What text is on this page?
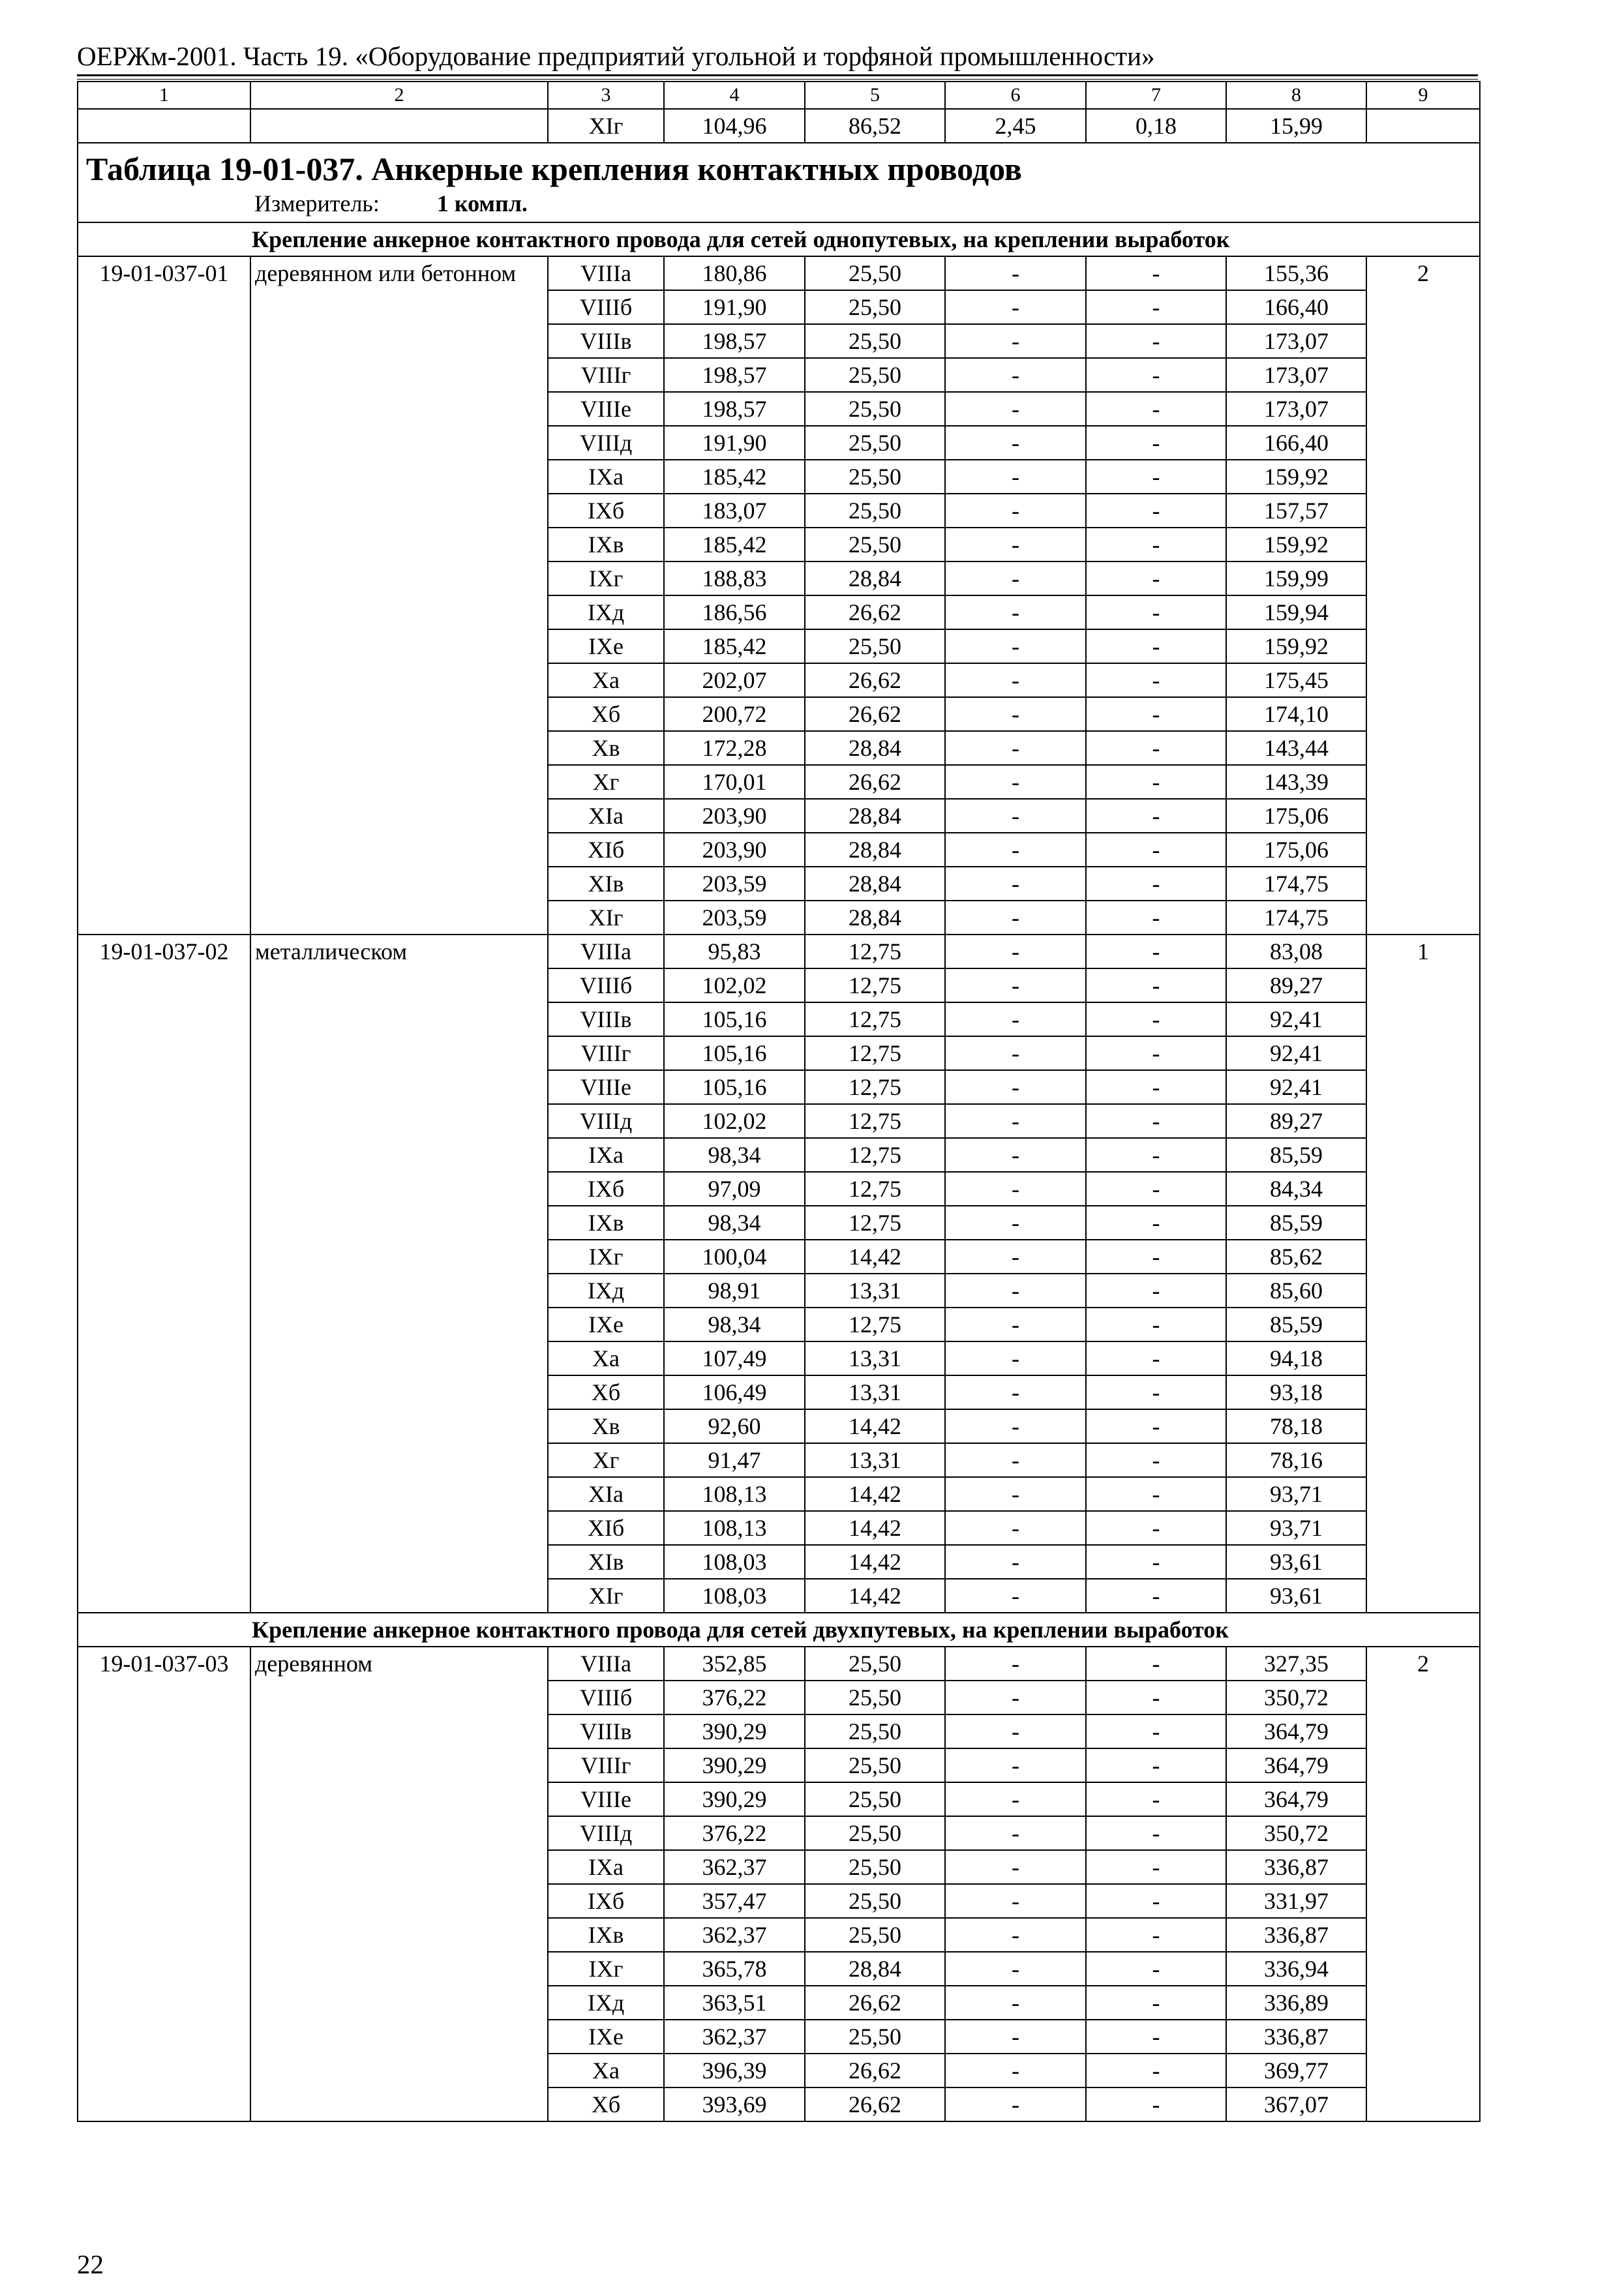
ОЕРЖм-2001. Часть 19. «Оборудование предприятий угольной и торфяной промышленности»
1	2	3	4	5	6	7	8	9
		ХIг	104,96	86,52	2,45	0,18	15,99	

Таблица 19-01-037. Анкерные крепления контактных проводов
Измеритель: 1 компл.								

Крепление анкерное контактного провода для сетей однопутевых, на креплении выработок								
19-01-037-01	деревянном или бетонном	VIIIа	180,86	25,50	-	-	155,36	2
		VIIIб	191,90	25,50	-	-	166,40	
		VIIIв	198,57	25,50	-	-	173,07	
		VIIIг	198,57	25,50	-	-	173,07	
		VIIIе	198,57	25,50	-	-	173,07	
		VIIIд	191,90	25,50	-	-	166,40	
		IХа	185,42	25,50	-	-	159,92	
		IХб	183,07	25,50	-	-	157,57	
		IХв	185,42	25,50	-	-	159,92	
		IХг	188,83	28,84	-	-	159,99	
		IХд	186,56	26,62	-	-	159,94	
		IХе	185,42	25,50	-	-	159,92	
		Ха	202,07	26,62	-	-	175,45	
		Хб	200,72	26,62	-	-	174,10	
		Хв	172,28	28,84	-	-	143,44	
		Хг	170,01	26,62	-	-	143,39	
		ХIа	203,90	28,84	-	-	175,06	
		ХIб	203,90	28,84	-	-	175,06	
		ХIв	203,59	28,84	-	-	174,75	
		ХIг	203,59	28,84	-	-	174,75	
19-01-037-02	металлическом	VIIIа	95,83	12,75	-	-	83,08	1
		VIIIб	102,02	12,75	-	-	89,27	
		VIIIв	105,16	12,75	-	-	92,41	
		VIIIг	105,16	12,75	-	-	92,41	
		VIIIе	105,16	12,75	-	-	92,41	
		VIIIд	102,02	12,75	-	-	89,27	
		IХа	98,34	12,75	-	-	85,59	
		IХб	97,09	12,75	-	-	84,34	
		IХв	98,34	12,75	-	-	85,59	
		IХг	100,04	14,42	-	-	85,62	
		IХд	98,91	13,31	-	-	85,60	
		IХе	98,34	12,75	-	-	85,59	
		Ха	107,49	13,31	-	-	94,18	
		Хб	106,49	13,31	-	-	93,18	
		Хв	92,60	14,42	-	-	78,18	
		Хг	91,47	13,31	-	-	78,16	
		ХIа	108,13	14,42	-	-	93,71	
		ХIб	108,13	14,42	-	-	93,71	
		ХIв	108,03	14,42	-	-	93,61	
		ХIг	108,03	14,42	-	-	93,61	
Крепление анкерное контактного провода для сетей двухпутевых, на креплении выработок								
19-01-037-03	деревянном	VIIIа	352,85	25,50	-	-	327,35	2
		VIIIб	376,22	25,50	-	-	350,72	
		VIIIв	390,29	25,50	-	-	364,79	
		VIIIг	390,29	25,50	-	-	364,79	
		VIIIе	390,29	25,50	-	-	364,79	
		VIIIд	376,22	25,50	-	-	350,72	
		IХа	362,37	25,50	-	-	336,87	
		IХб	357,47	25,50	-	-	331,97	
		IХв	362,37	25,50	-	-	336,87	
		IХг	365,78	28,84	-	-	336,94	
		IХд	363,51	26,62	-	-	336,89	
		IХе	362,37	25,50	-	-	336,87	
		Ха	396,39	26,62	-	-	369,77	
		Хб	393,69	26,62	-	-	367,07	
22
